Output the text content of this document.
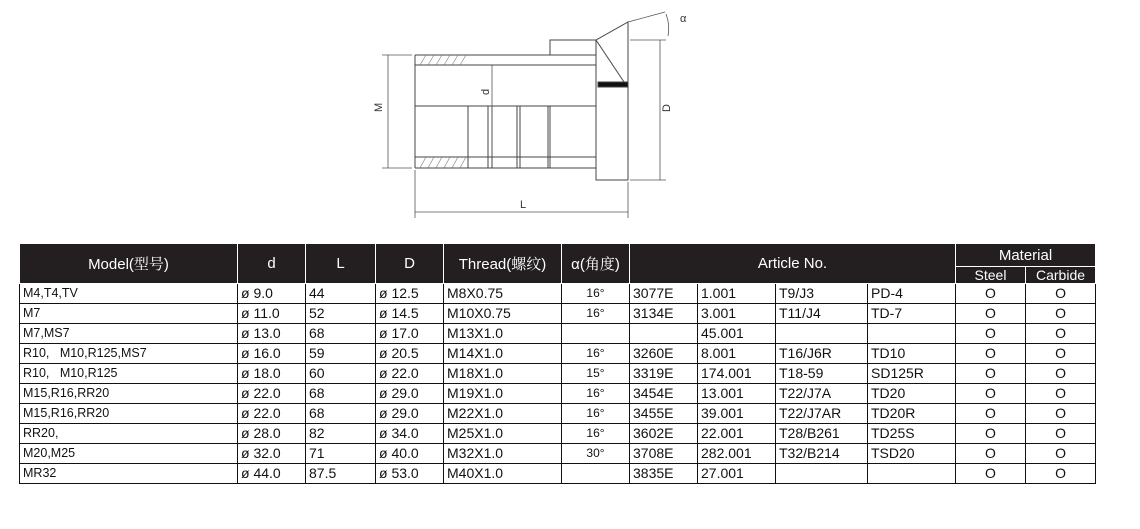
M
d
D
L
α
Model(型号)	d	L	D	Thread(螺纹)	α(角度)	Article No.				Material	
										Steel	Carbide
M4,T4,TV	ø 9.0	44	ø 12.5	M8X0.75	16°	3077E	1.001	T9/J3	PD-4	O	O
M7	ø 11.0	52	ø 14.5	M10X0.75	16°	3134E	3.001	T11/J4	TD-7	O	O
M7,MS7	ø 13.0	68	ø 17.0	M13X1.0			45.001			O	O
R10,   M10,R125,MS7	ø 16.0	59	ø 20.5	M14X1.0	16°	3260E	8.001	T16/J6R	TD10	O	O
R10,   M10,R125	ø 18.0	60	ø 22.0	M18X1.0	15°	3319E	174.001	T18-59	SD125R	O	O
M15,R16,RR20	ø 22.0	68	ø 29.0	M19X1.0	16°	3454E	13.001	T22/J7A	TD20	O	O
M15,R16,RR20	ø 22.0	68	ø 29.0	M22X1.0	16°	3455E	39.001	T22/J7AR	TD20R	O	O
RR20,	ø 28.0	82	ø 34.0	M25X1.0	16°	3602E	22.001	T28/B261	TD25S	O	O
M20,M25	ø 32.0	71	ø 40.0	M32X1.0	30°	3708E	282.001	T32/B214	TSD20	O	O
MR32	ø 44.0	87.5	ø 53.0	M40X1.0		3835E	27.001			O	O
